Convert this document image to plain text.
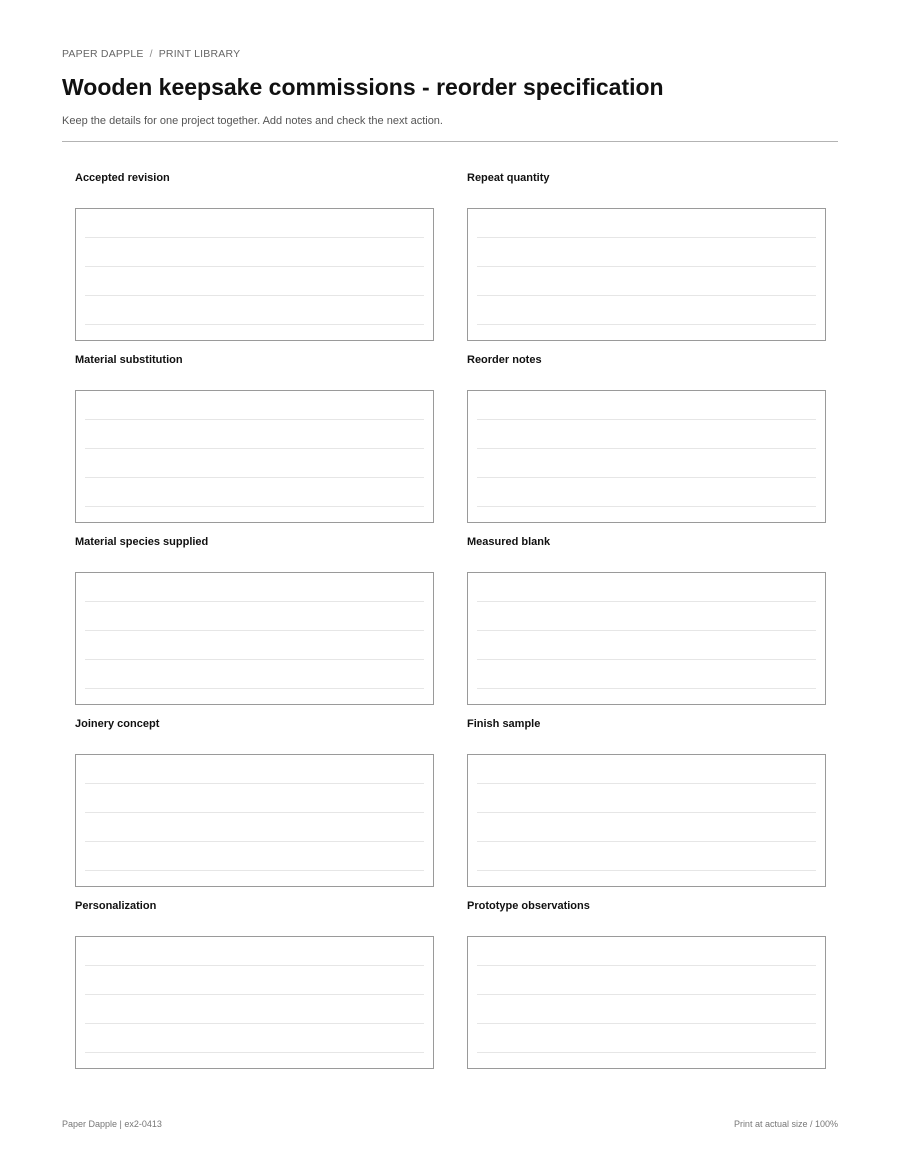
PAPER DAPPLE / PRINT LIBRARY
Wooden keepsake commissions - reorder specification

Keep the details for one project together. Add notes and check the next action.

Accepted revision	Repeat quantity
Material substitution	Reorder notes
Material species supplied	Measured blank
Joinery concept	Finish sample
Personalization	Prototype observations
Paper Dapple | ex2-0413	Print at actual size / 100%
